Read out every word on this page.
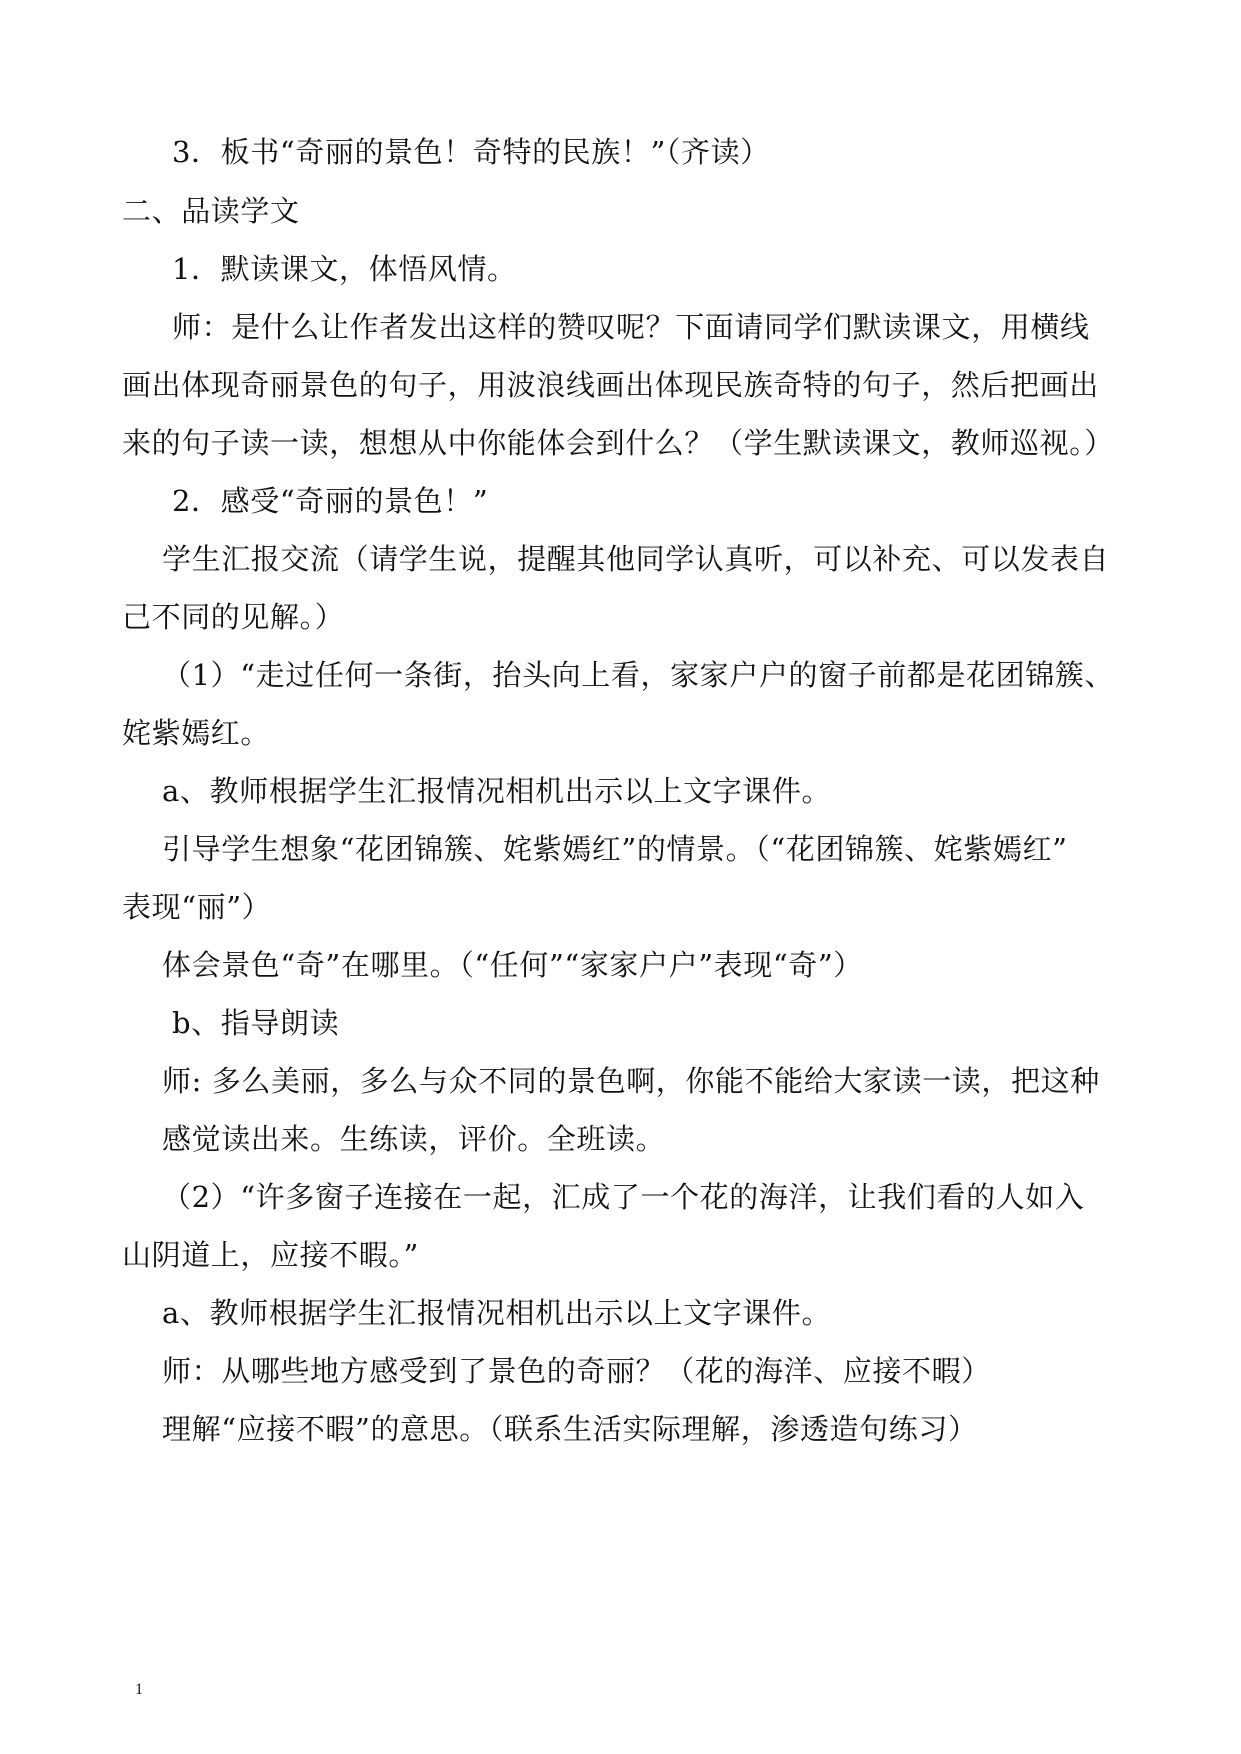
3．板书“奇丽的景色！奇特的民族！”（齐读）
二、品读学文
1．默读课文，体悟风情。
师：是什么让作者发出这样的赞叹呢？下面请同学们默读课文，用横线
画出体现奇丽景色的句子，用波浪线画出体现民族奇特的句子，然后把画出
来的句子读一读，想想从中你能体会到什么？（学生默读课文，教师巡视。）
2．感受“奇丽的景色！”
学生汇报交流（请学生说，提醒其他同学认真听，可以补充、可以发表自
己不同的见解。）
（1）“走过任何一条街，抬头向上看，家家户户的窗子前都是花团锦簇、
姹紫嫣红。
a、教师根据学生汇报情况相机出示以上文字课件。
引导学生想象“花团锦簇、姹紫嫣红”的情景。（“花团锦簇、姹紫嫣红”
表现“丽”）
体会景色“奇”在哪里。（“任何”“家家户户”表现“奇”）
b、指导朗读
师: 多么美丽，多么与众不同的景色啊，你能不能给大家读一读，把这种
感觉读出来。生练读，评价。全班读。
（2）“许多窗子连接在一起，汇成了一个花的海洋，让我们看的人如入
山阴道上，应接不暇。”
a、教师根据学生汇报情况相机出示以上文字课件。
师：从哪些地方感受到了景色的奇丽？（花的海洋、应接不暇）
理解“应接不暇”的意思。（联系生活实际理解，渗透造句练习）
1
